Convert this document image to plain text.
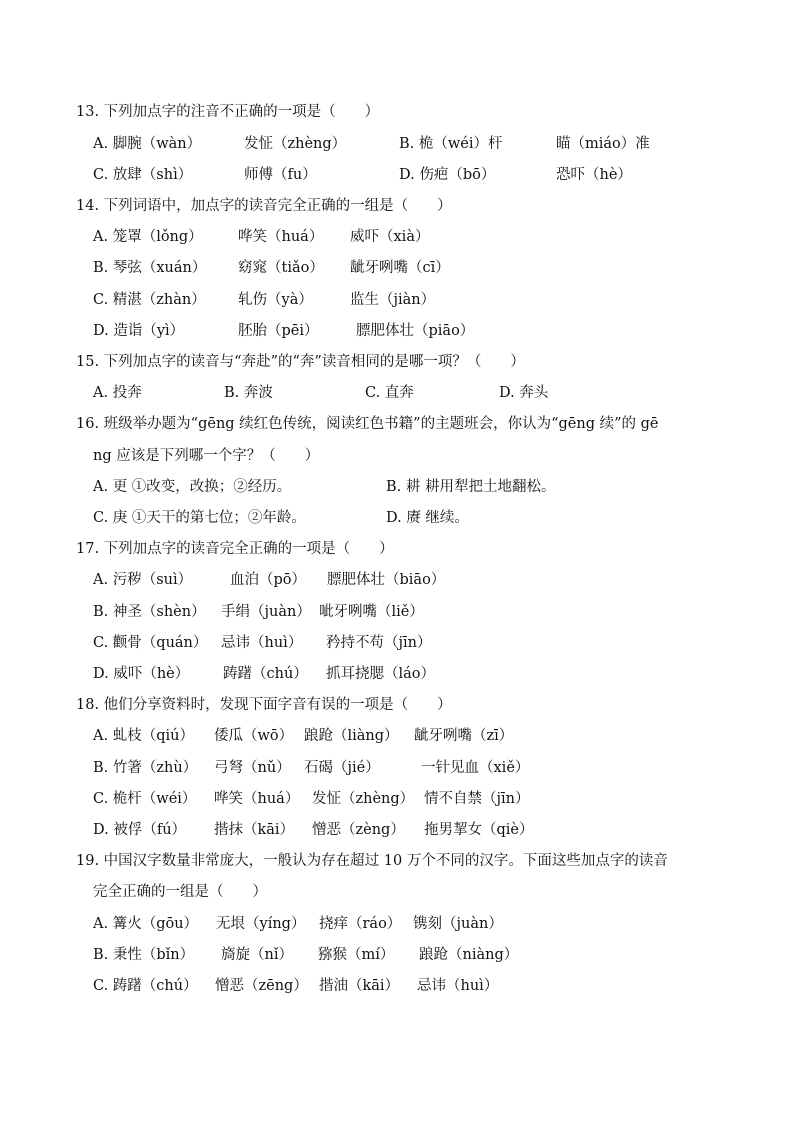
13. 下列加点字的注音不正确的一项是（　　）
A. 脚腕（wàn）	发怔（zhèng）	B. 桅（wéi）杆	瞄（miáo）准
C. 放肆（shì）	师傅（fu）	D. 伤疤（bō）	恐吓（hè）
14. 下列词语中，加点字的读音完全正确的一组是（　　）
A. 笼罩（lǒng） 哗笑（huá） 威吓（xià）
B. 琴弦（xuán） 窈窕（tiǎo） 龇牙咧嘴（cī）
C. 精湛（zhàn） 轧伤（yà）	监生（jiàn）
D. 造诣（yì）	胚胎（pēi）	膘肥体壮（piāo）
15. 下列加点字的读音与“奔赴”的“奔”读音相同的是哪一项？（　　）
A. 投奔	B. 奔波	C. 直奔	D. 奔头
16. 班级举办题为“gēng 续红色传统，阅读红色书籍”的主题班会，你认为“gēng 续”的 gē
ng 应该是下列哪一个字？（　　）
A. 更 ①改变，改换；②经历。	B. 耕 耕用犁把土地翻松。
C. 庚 ①天干的第七位；②年龄。	D. 赓 继续。
17. 下列加点字的读音完全正确的一项是（　　）
A. 污秽（suì）	血泊（pō） 膘肥体壮（biāo）
B. 神圣（shèn） 手绢（juàn） 呲牙咧嘴（liě）
C. 颧骨（quán） 忌讳（huì） 矜持不苟（jīn）
D. 威吓（hè） 踌躇（chú） 抓耳挠腮（láo）
18. 他们分享资料时，发现下面字音有误的一项是（　　）
A. 虬枝（qiú） 倭瓜（wō） 踉跄（liàng） 龇牙咧嘴（zī）
B. 竹箸（zhù） 弓弩（nǔ） 石碣（jié）	一针见血（xiě）
C. 桅杆（wéi） 哗笑（huá） 发怔（zhèng） 情不自禁（jīn）
D. 被俘（fú） 揩抹（kāi） 憎恶（zèng） 拖男挈女（qiè）
19. 中国汉字数量非常庞大，一般认为存在超过 10 万个不同的汉字。下面这些加点字的读音
完全正确的一组是（　　）
A. 篝火（gōu） 无垠（yíng） 挠痒（ráo） 镌刻（juàn）
B. 秉性（bǐn） 旖旋（nǐ） 猕猴（mí） 踉跄（niàng）
C. 踌躇（chú） 憎恶（zēng） 揩油（kāi） 忌讳（huì）
